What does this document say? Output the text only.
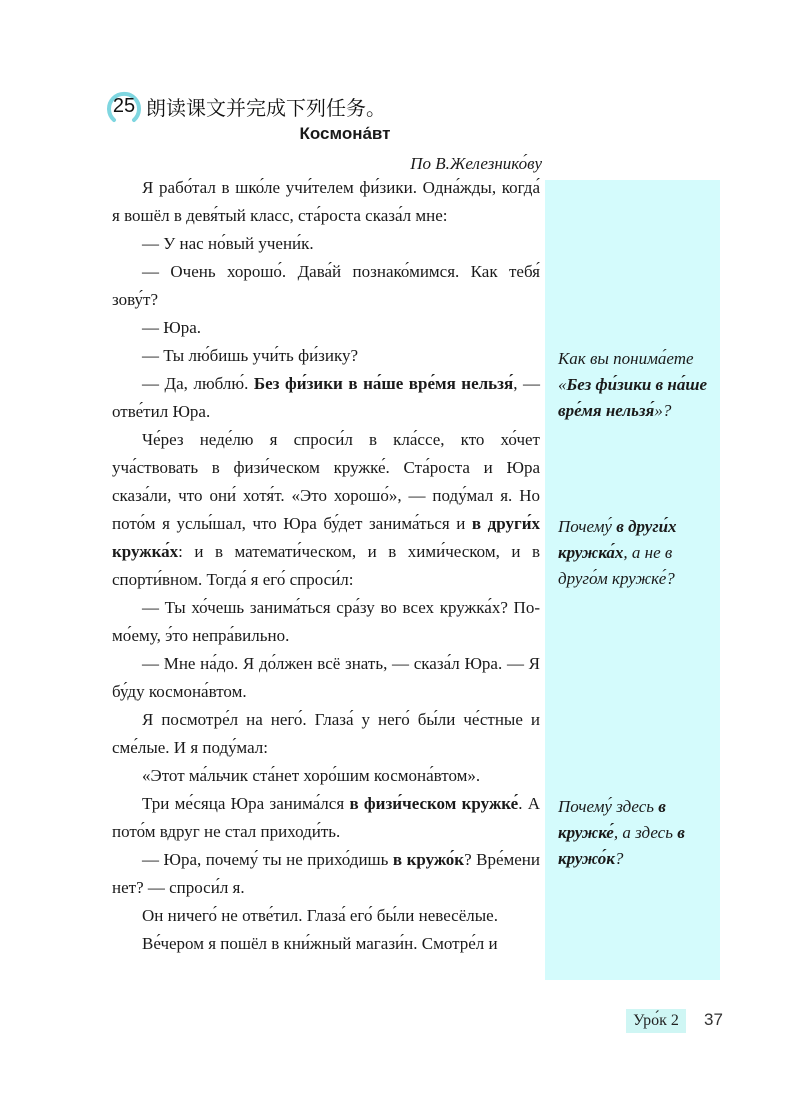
25 朗读课文并完成下列任务。
Космона́вт
По В.Железнико́ву
Как вы понима́ете «Без фи́зики в на́ше вре́мя нельзя́»?
Почему́ в други́х кружка́х, а не в друго́м кружке́?
Почему́ здесь в кружке́, а здесь в кружо́к?

Я рабо́тал в шко́ле учи́телем фи́зики. Одна́жды, когда́ я вошёл в девя́тый класс, ста́роста сказа́л мне:

— У нас но́вый учени́к.

— Очень хорошо́. Дава́й познако́мимся. Как тебя́ зову́т?

— Юра.

— Ты лю́бишь учи́ть фи́зику?

— Да, люблю́. Без фи́зики в на́ше вре́мя нельзя́, — отве́тил Юра.

Че́рез неде́лю я спроси́л в кла́ссе, кто хо́чет уча́ствовать в физи́ческом кружке́. Ста́роста и Юра сказа́ли, что они́ хотя́т. «Это хорошо́», — поду́мал я. Но пото́м я услы́шал, что Юра бу́дет занима́ться и в други́х кружка́х: и в математи́ческом, и в хими́ческом, и в спорти́вном. Тогда́ я его́ спроси́л:

— Ты хо́чешь занима́ться сра́зу во всех кружка́х? По-мо́ему, э́то непра́вильно.

— Мне на́до. Я до́лжен всё знать, — сказа́л Юра. — Я бу́ду космона́втом.

Я посмотре́л на него́. Глаза́ у него́ бы́ли че́стные и сме́лые. И я поду́мал:

«Этот ма́льчик ста́нет хоро́шим космона́втом».

Три ме́сяца Юра занима́лся в физи́ческом кружке́. А пото́м вдруг не стал приходи́ть.

— Юра, почему́ ты не прихо́дишь в кружо́к? Вре́мени нет? — спроси́л я.

Он ничего́ не отве́тил. Глаза́ его́ бы́ли невесёлые.

Ве́чером я пошёл в кни́жный магази́н. Смотре́л и

Уро́к 2	37
